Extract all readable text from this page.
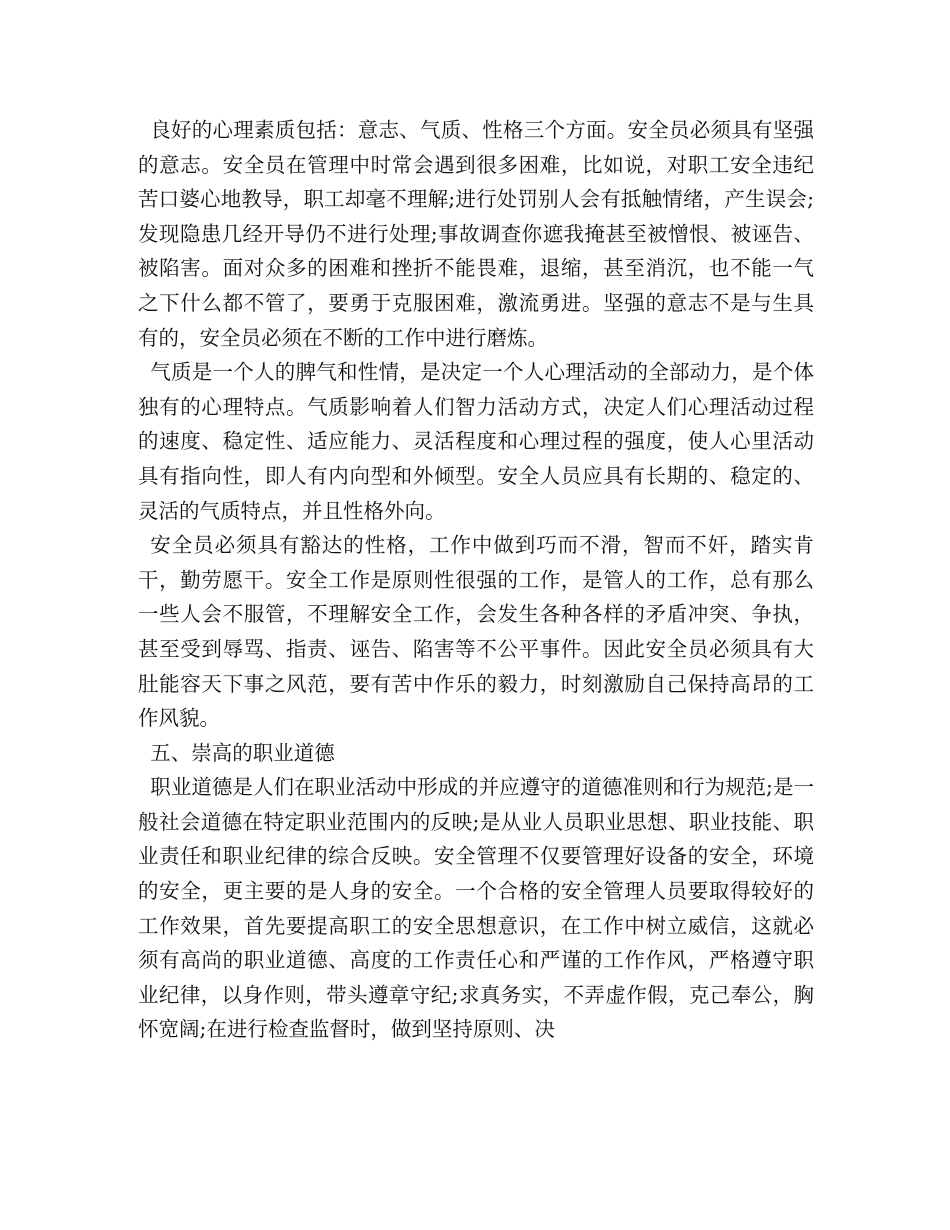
良好的心理素质包括：意志、气质、性格三个方面。安全员必须具有坚强的意志。安全员在管理中时常会遇到很多困难，比如说，对职工安全违纪苦口婆心地教导，职工却毫不理解;进行处罚别人会有抵触情绪，产生误会;发现隐患几经开导仍不进行处理;事故调查你遮我掩甚至被憎恨、被诬告、被陷害。面对众多的困难和挫折不能畏难，退缩，甚至消沉，也不能一气之下什么都不管了，要勇于克服困难，激流勇进。坚强的意志不是与生具有的，安全员必须在不断的工作中进行磨炼。

气质是一个人的脾气和性情，是决定一个人心理活动的全部动力，是个体独有的心理特点。气质影响着人们智力活动方式，决定人们心理活动过程的速度、稳定性、适应能力、灵活程度和心理过程的强度，使人心里活动具有指向性，即人有内向型和外倾型。安全人员应具有长期的、稳定的、灵活的气质特点，并且性格外向。

安全员必须具有豁达的性格，工作中做到巧而不滑，智而不奸，踏实肯干，勤劳愿干。安全工作是原则性很强的工作，是管人的工作，总有那么一些人会不服管，不理解安全工作，会发生各种各样的矛盾冲突、争执，甚至受到辱骂、指责、诬告、陷害等不公平事件。因此安全员必须具有大肚能容天下事之风范，要有苦中作乐的毅力，时刻激励自己保持高昂的工作风貌。

五、崇高的职业道德

职业道德是人们在职业活动中形成的并应遵守的道德准则和行为规范;是一般社会道德在特定职业范围内的反映;是从业人员职业思想、职业技能、职业责任和职业纪律的综合反映。安全管理不仅要管理好设备的安全，环境的安全，更主要的是人身的安全。一个合格的安全管理人员要取得较好的工作效果，首先要提高职工的安全思想意识，在工作中树立威信，这就必须有高尚的职业道德、高度的工作责任心和严谨的工作作风，严格遵守职业纪律，以身作则，带头遵章守纪;求真务实，不弄虚作假，克己奉公，胸怀宽阔;在进行检查监督时，做到坚持原则、决
